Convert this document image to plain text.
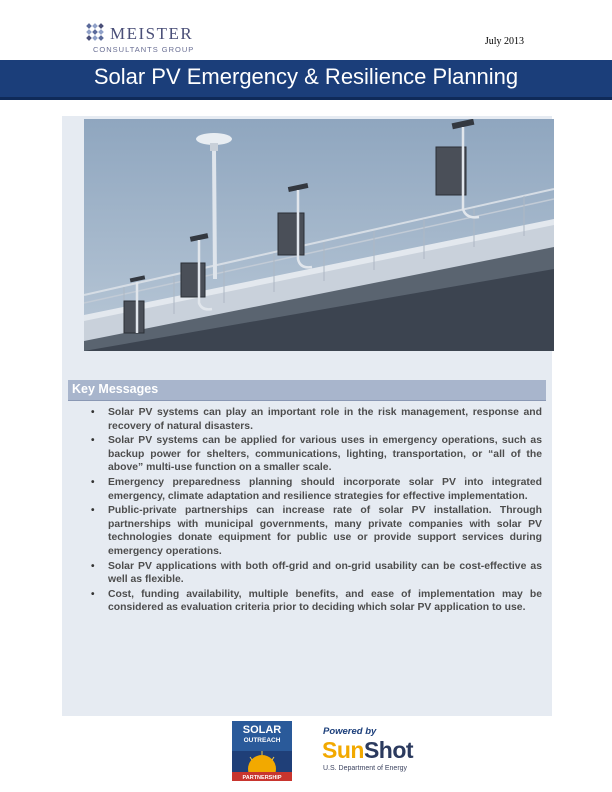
MEISTER
CONSULTANTS GROUP
July 2013
Solar PV Emergency & Resilience Planning
Key Messages
• Solar PV systems can play an important role in the risk management, response and recovery of natural disasters.
• Solar PV systems can be applied for various uses in emergency operations, such as backup power for shelters, communications, lighting, transportation, or “all of the above” multi-use function on a smaller scale.
• Emergency preparedness planning should incorporate solar PV into integrated emergency, climate adaptation and resilience strategies for effective implementation.
• Public-private partnerships can increase rate of solar PV installation. Through partnerships with municipal governments, many private companies with solar PV technologies donate equipment for public use or provide support services during emergency operations.
• Solar PV applications with both off-grid and on-grid usability can be cost-effective as well as flexible.
• Cost, funding availability, multiple benefits, and ease of implementation may be considered as evaluation criteria prior to deciding which solar PV application to use.
SOLAR
OUTREACH
PARTNERSHIP
Powered by
SunShot
U.S. Department of Energy
